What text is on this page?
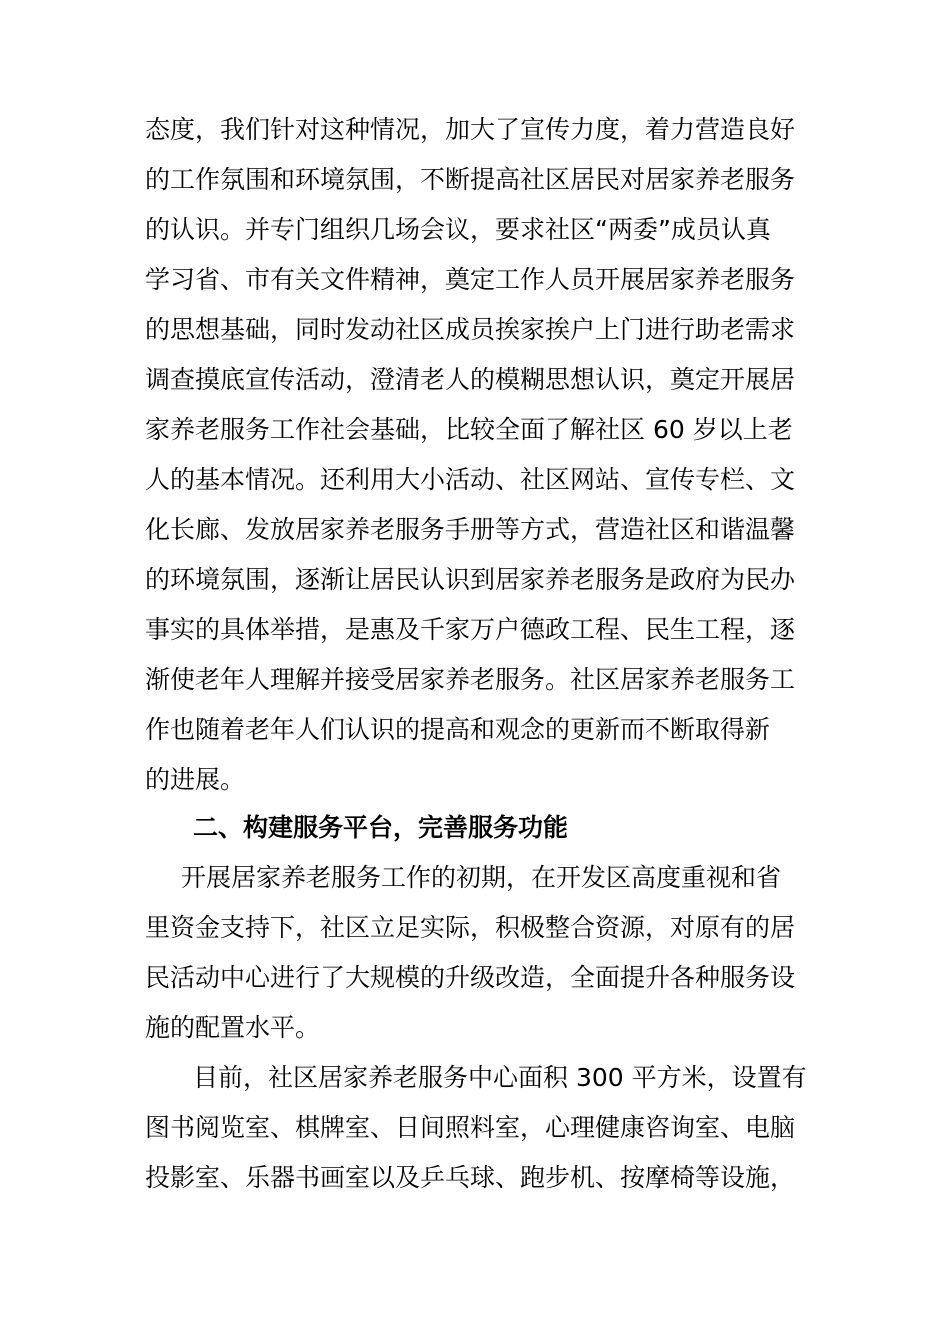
态度，我们针对这种情况，加大了宣传力度，着力营造良好
的工作氛围和环境氛围，不断提高社区居民对居家养老服务
的认识。并专门组织几场会议，要求社区“两委”成员认真
学习省、市有关文件精神，奠定工作人员开展居家养老服务
的思想基础，同时发动社区成员挨家挨户上门进行助老需求
调查摸底宣传活动，澄清老人的模糊思想认识，奠定开展居
家养老服务工作社会基础，比较全面了解社区 60 岁以上老
人的基本情况。还利用大小活动、社区网站、宣传专栏、文
化长廊、发放居家养老服务手册等方式，营造社区和谐温馨
的环境氛围，逐渐让居民认识到居家养老服务是政府为民办
事实的具体举措，是惠及千家万户德政工程、民生工程，逐
渐使老年人理解并接受居家养老服务。社区居家养老服务工
作也随着老年人们认识的提高和观念的更新而不断取得新
的进展。
二、构建服务平台，完善服务功能
开展居家养老服务工作的初期，在开发区高度重视和省
里资金支持下，社区立足实际，积极整合资源，对原有的居
民活动中心进行了大规模的升级改造，全面提升各种服务设
施的配置水平。
目前，社区居家养老服务中心面积 300 平方米，设置有
图书阅览室、棋牌室、日间照料室，心理健康咨询室、电脑
投影室、乐器书画室以及乒乓球、跑步机、按摩椅等设施，
